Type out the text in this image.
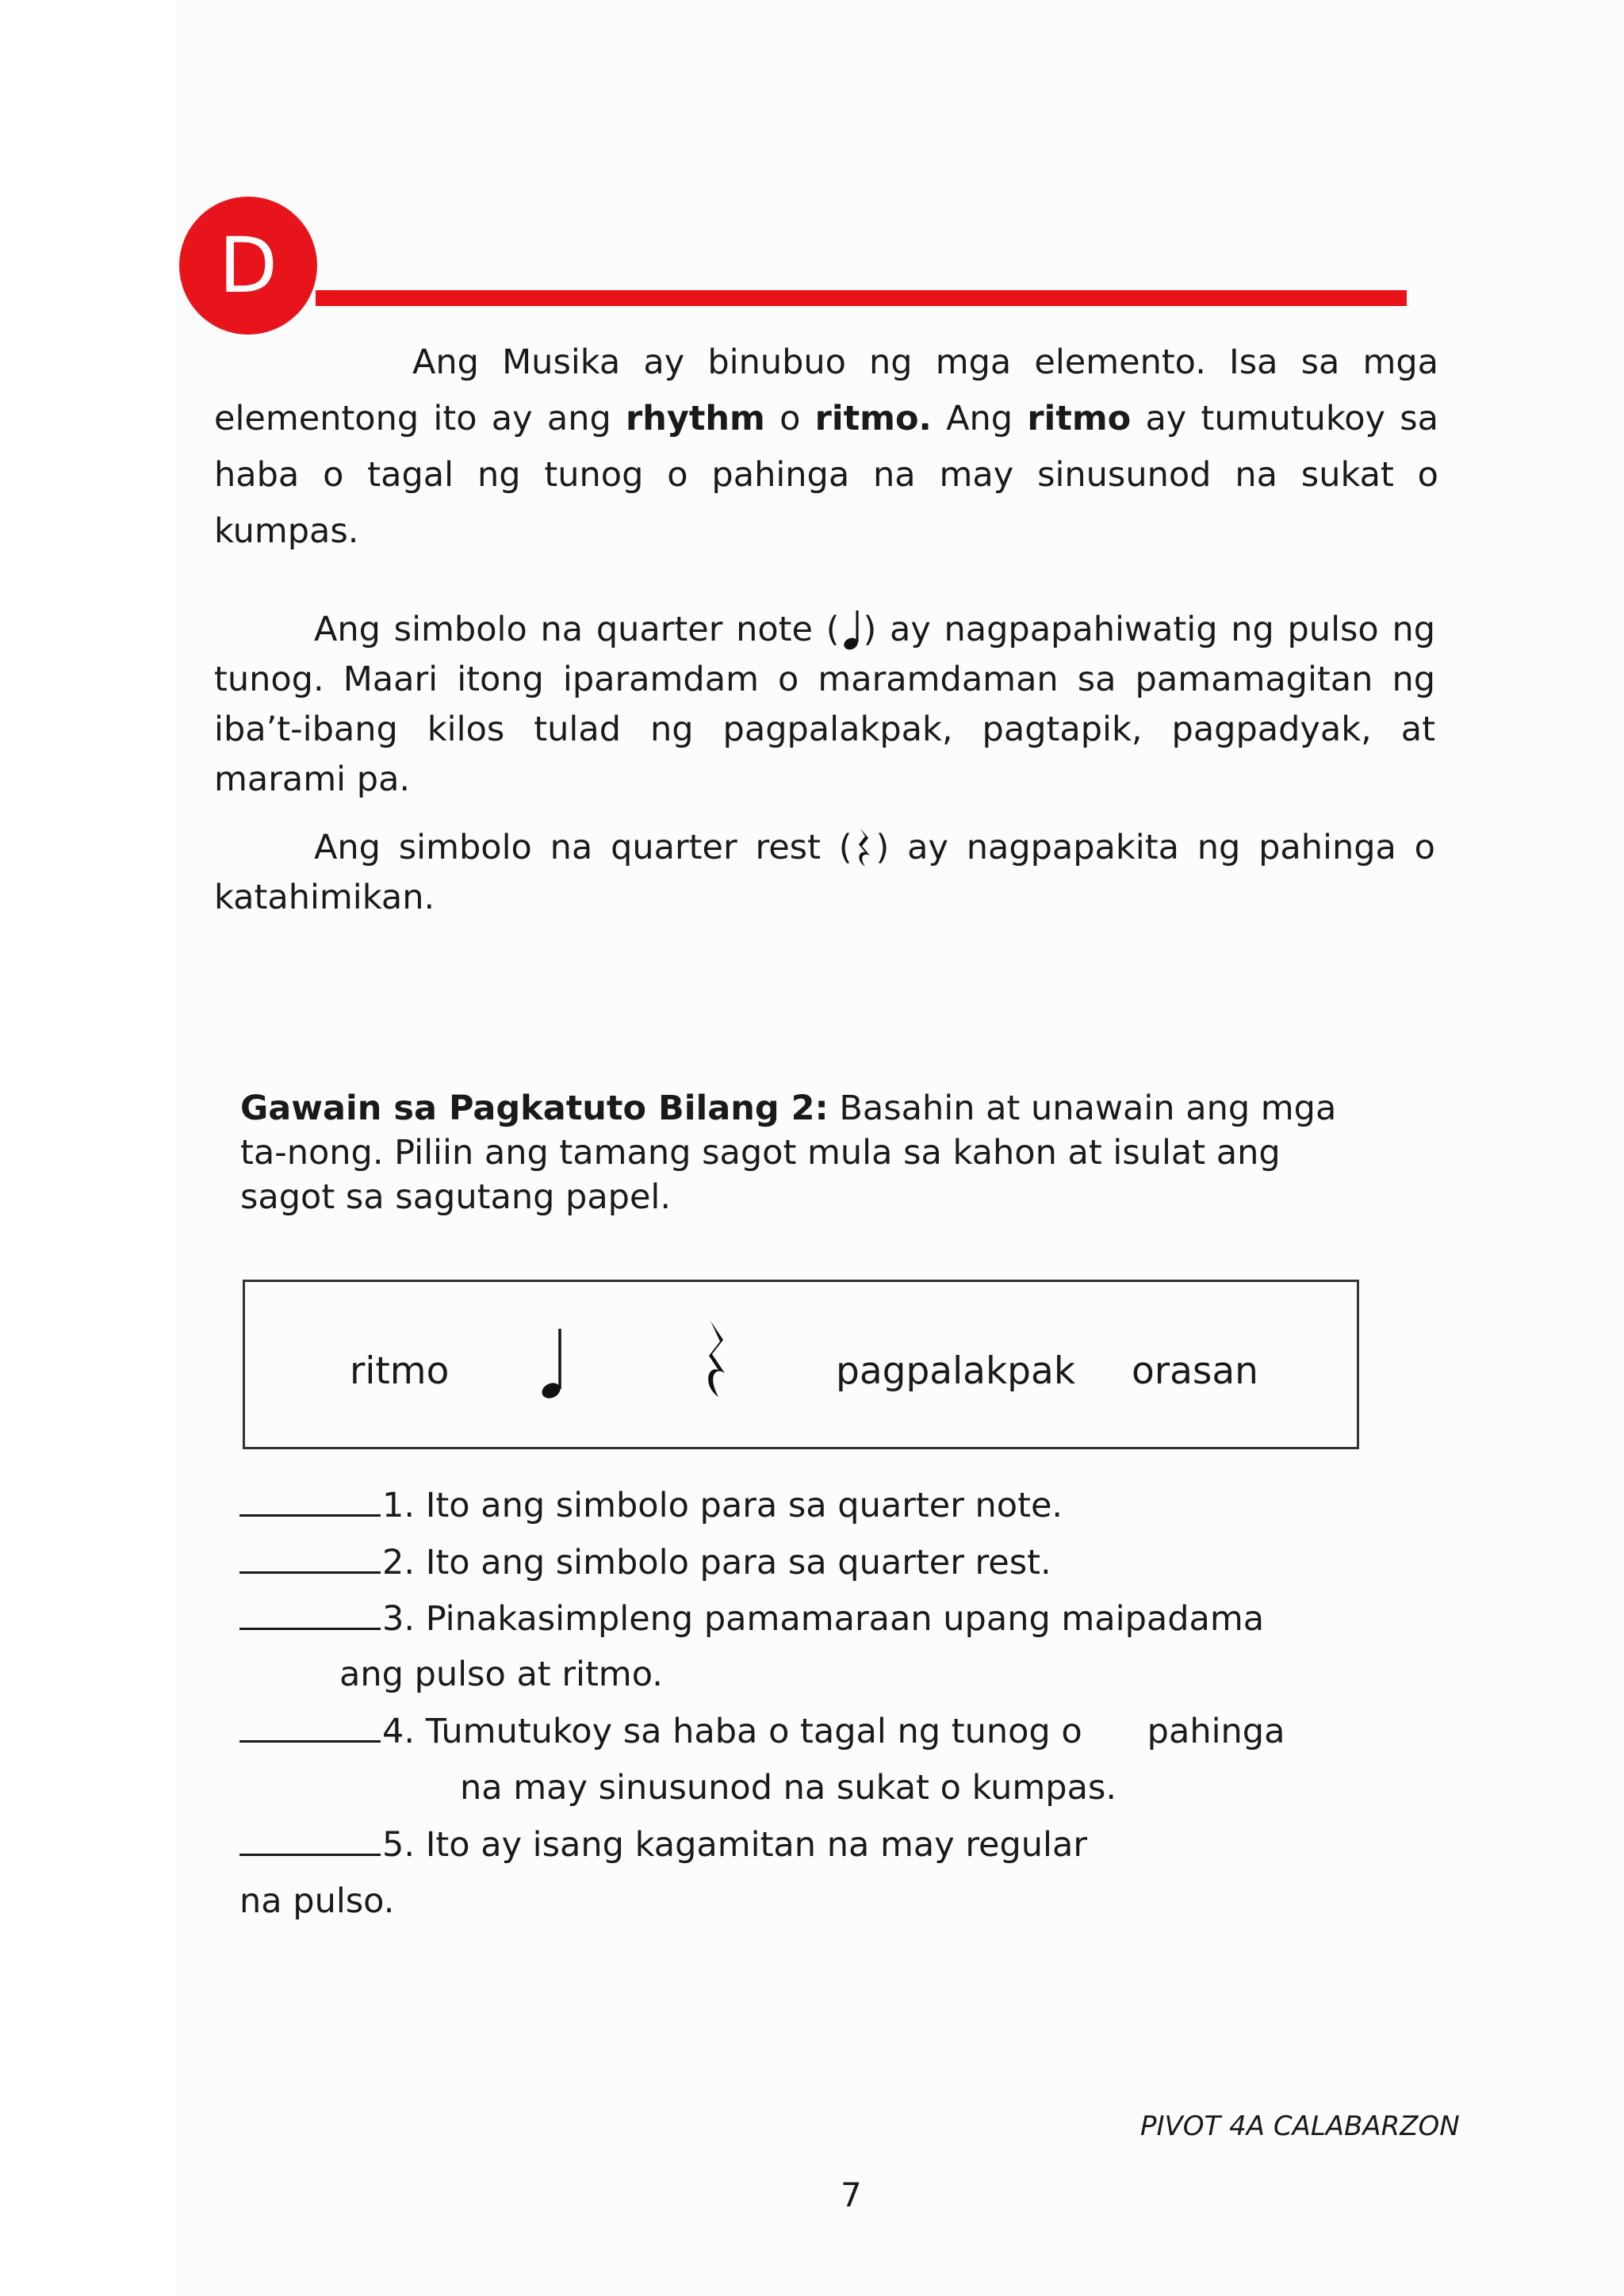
D

Ang Musika ay binubuo ng mga elemento. Isa sa mga elementong ito ay ang rhythm o ritmo. Ang ritmo ay tumutukoy sa haba o tagal ng tunog o pahinga na may sinusunod na sukat o kumpas.

Ang simbolo na quarter note ( ) ay nagpapahiwatig ng pulso ng tunog. Maari itong iparamdam o maramdaman sa pamamagitan ng iba’t-ibang kilos tulad ng pagpalakpak, pagtapik, pagpadyak, at marami pa.

Ang simbolo na quarter rest ( ) ay nagpapakita ng pahinga o katahimikan.

Gawain sa Pagkatuto Bilang 2: Basahin at unawain ang mga ta-nong. Piliin ang tamang sagot mula sa kahon at isulat ang sagot sa sagutang papel.

ritmo	pagpalakpak orasan

1. Ito ang simbolo para sa quarter note.

2. Ito ang simbolo para sa quarter rest.

3. Pinakasimpleng pamamaraan upang maipadama

ang pulso at ritmo.

4. Tumutukoy sa haba o tagal ng tunog o      pahinga

na may sinusunod na sukat o kumpas.

5. Ito ay isang kagamitan na may regular

na pulso.

PIVOT 4A CALABARZON
7
